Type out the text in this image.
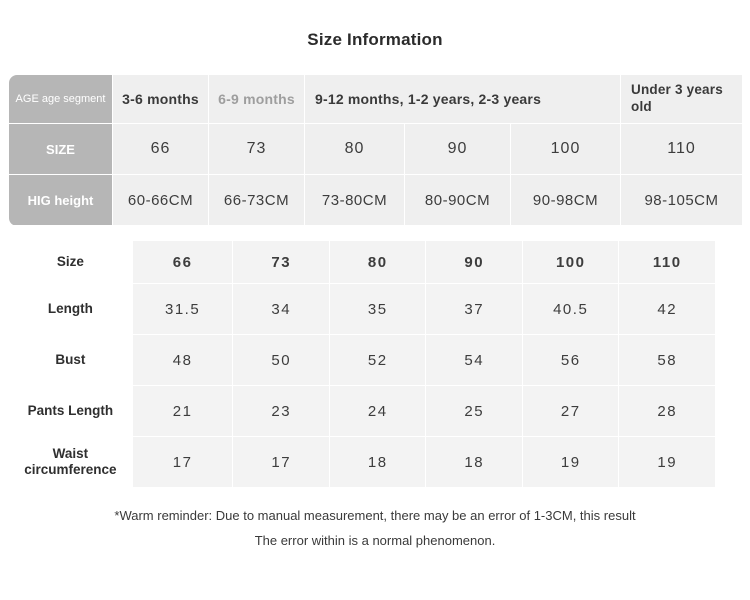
Size Information
AGE age segment	3-6 months	6-9 months	9-12 months, 1-2 years, 2-3 years			Under 3 years old
SIZE	66	73	80	90	100	110
HIG height	60-66CM	66-73CM	73-80CM	80-90CM	90-98CM	98-105CM
Size	66	73	80	90	100	110
Length	31.5	34	35	37	40.5	42
Bust	48	50	52	54	56	58
Pants Length	21	23	24	25	27	28
Waist circumference	17	17	18	18	19	19
*Warm reminder: Due to manual measurement, there may be an error of 1-3CM, this result
The error within is a normal phenomenon.
